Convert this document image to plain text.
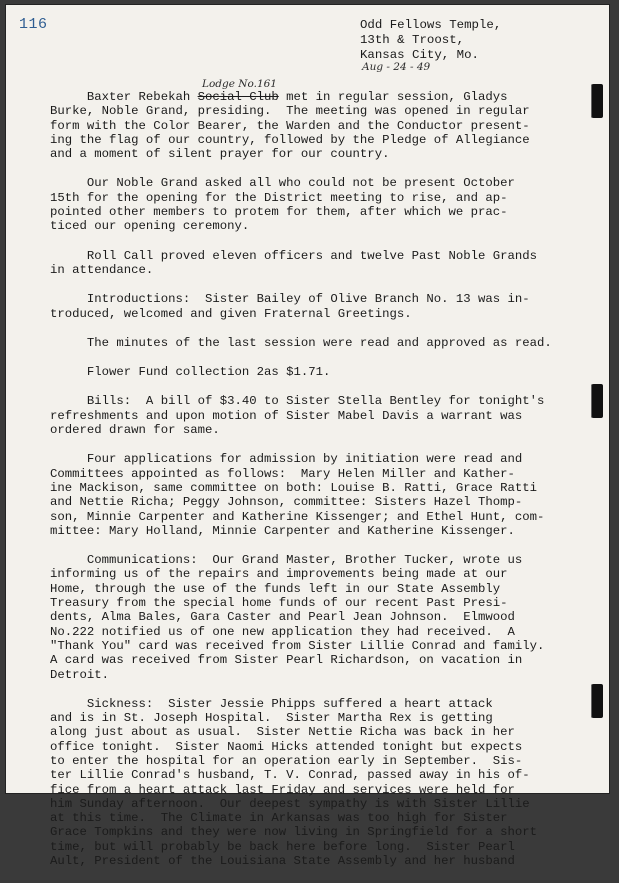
116	Odd Fellows Temple,
13th & Troost,
Kansas City, Mo.

Aug - 24 - 49
Lodge No.161

Baxter Rebekah Social Club met in regular session, Gladys
Burke, Noble Grand, presiding.  The meeting was opened in regular
form with the Color Bearer, the Warden and the Conductor present-
ing the flag of our country, followed by the Pledge of Allegiance
and a moment of silent prayer for our country.

Our Noble Grand asked all who could not be present October
15th for the opening for the District meeting to rise, and ap-
pointed other members to protem for them, after which we prac-
ticed our opening ceremony.

Roll Call proved eleven officers and twelve Past Noble Grands
in attendance.

Introductions:  Sister Bailey of Olive Branch No. 13 was in-
troduced, welcomed and given Fraternal Greetings.

The minutes of the last session were read and approved as read.

Flower Fund collection 2as $1.71.

Bills:  A bill of $3.40 to Sister Stella Bentley for tonight's
refreshments and upon motion of Sister Mabel Davis a warrant was
ordered drawn for same.

Four applications for admission by initiation were read and
Committees appointed as follows:  Mary Helen Miller and Kather-
ine Mackison, same committee on both: Louise B. Ratti, Grace Ratti
and Nettie Richa; Peggy Johnson, committee: Sisters Hazel Thomp-
son, Minnie Carpenter and Katherine Kissenger; and Ethel Hunt, com-
mittee: Mary Holland, Minnie Carpenter and Katherine Kissenger.

Communications:  Our Grand Master, Brother Tucker, wrote us
informing us of the repairs and improvements being made at our
Home, through the use of the funds left in our State Assembly
Treasury from the special home funds of our recent Past Presi-
dents, Alma Bales, Gara Caster and Pearl Jean Johnson.  Elmwood
No.222 notified us of one new application they had received.  A
"Thank You" card was received from Sister Lillie Conrad and family.
A card was received from Sister Pearl Richardson, on vacation in
Detroit.

Sickness:  Sister Jessie Phipps suffered a heart attack
and is in St. Joseph Hospital.  Sister Martha Rex is getting
along just about as usual.  Sister Nettie Richa was back in her
office tonight.  Sister Naomi Hicks attended tonight but expects
to enter the hospital for an operation early in September.  Sis-
ter Lillie Conrad's husband, T. V. Conrad, passed away in his of-
fice from a heart attack last Friday and services were held for
him Sunday afternoon.  Our deepest sympathy is with Sister Lillie
at this time.  The Climate in Arkansas was too high for Sister
Grace Tompkins and they were now living in Springfield for a short
time, but will probably be back here before long.  Sister Pearl
Ault, President of the Louisiana State Assembly and her husband
